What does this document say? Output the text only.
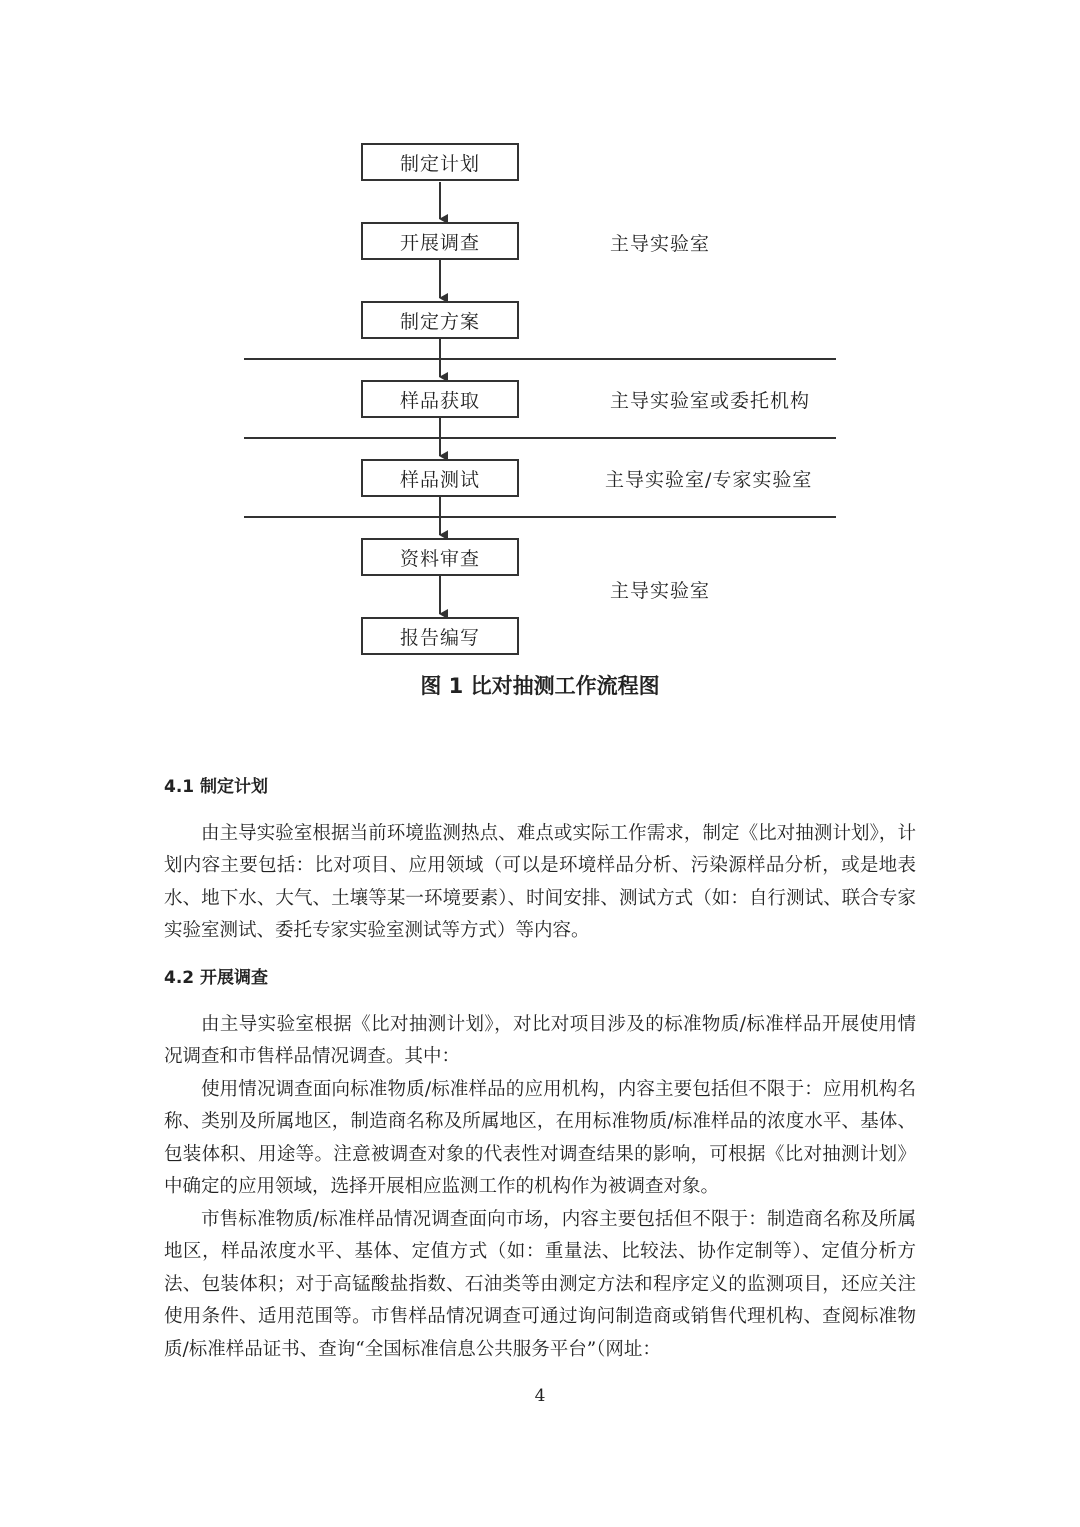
制定计划
开展调查
制定方案
样品获取
样品测试
资料审查
报告编写
主导实验室
主导实验室或委托机构
主导实验室/专家实验室
主导实验室
图 1 比对抽测工作流程图
4.1 制定计划

由主导实验室根据当前环境监测热点、难点或实际工作需求，制定《比对抽测计划》，计划内容主要包括：比对项目、应用领域（可以是环境样品分析、污染源样品分析，或是地表水、地下水、大气、土壤等某一环境要素）、时间安排、测试方式（如：自行测试、联合专家实验室测试、委托专家实验室测试等方式）等内容。

4.2 开展调查

由主导实验室根据《比对抽测计划》，对比对项目涉及的标准物质/标准样品开展使用情况调查和市售样品情况调查。其中：

使用情况调查面向标准物质/标准样品的应用机构，内容主要包括但不限于：应用机构名称、类别及所属地区，制造商名称及所属地区，在用标准物质/标准样品的浓度水平、基体、包装体积、用途等。注意被调查对象的代表性对调查结果的影响，可根据《比对抽测计划》中确定的应用领域，选择开展相应监测工作的机构作为被调查对象。

市售标准物质/标准样品情况调查面向市场，内容主要包括但不限于：制造商名称及所属地区，样品浓度水平、基体、定值方式（如：重量法、比较法、协作定制等）、定值分析方法、包装体积；对于高锰酸盐指数、石油类等由测定方法和程序定义的监测项目，还应关注使用条件、适用范围等。市售样品情况调查可通过询问制造商或销售代理机构、查阅标准物质/标准样品证书、查询“全国标准信息公共服务平台”（网址：

4
